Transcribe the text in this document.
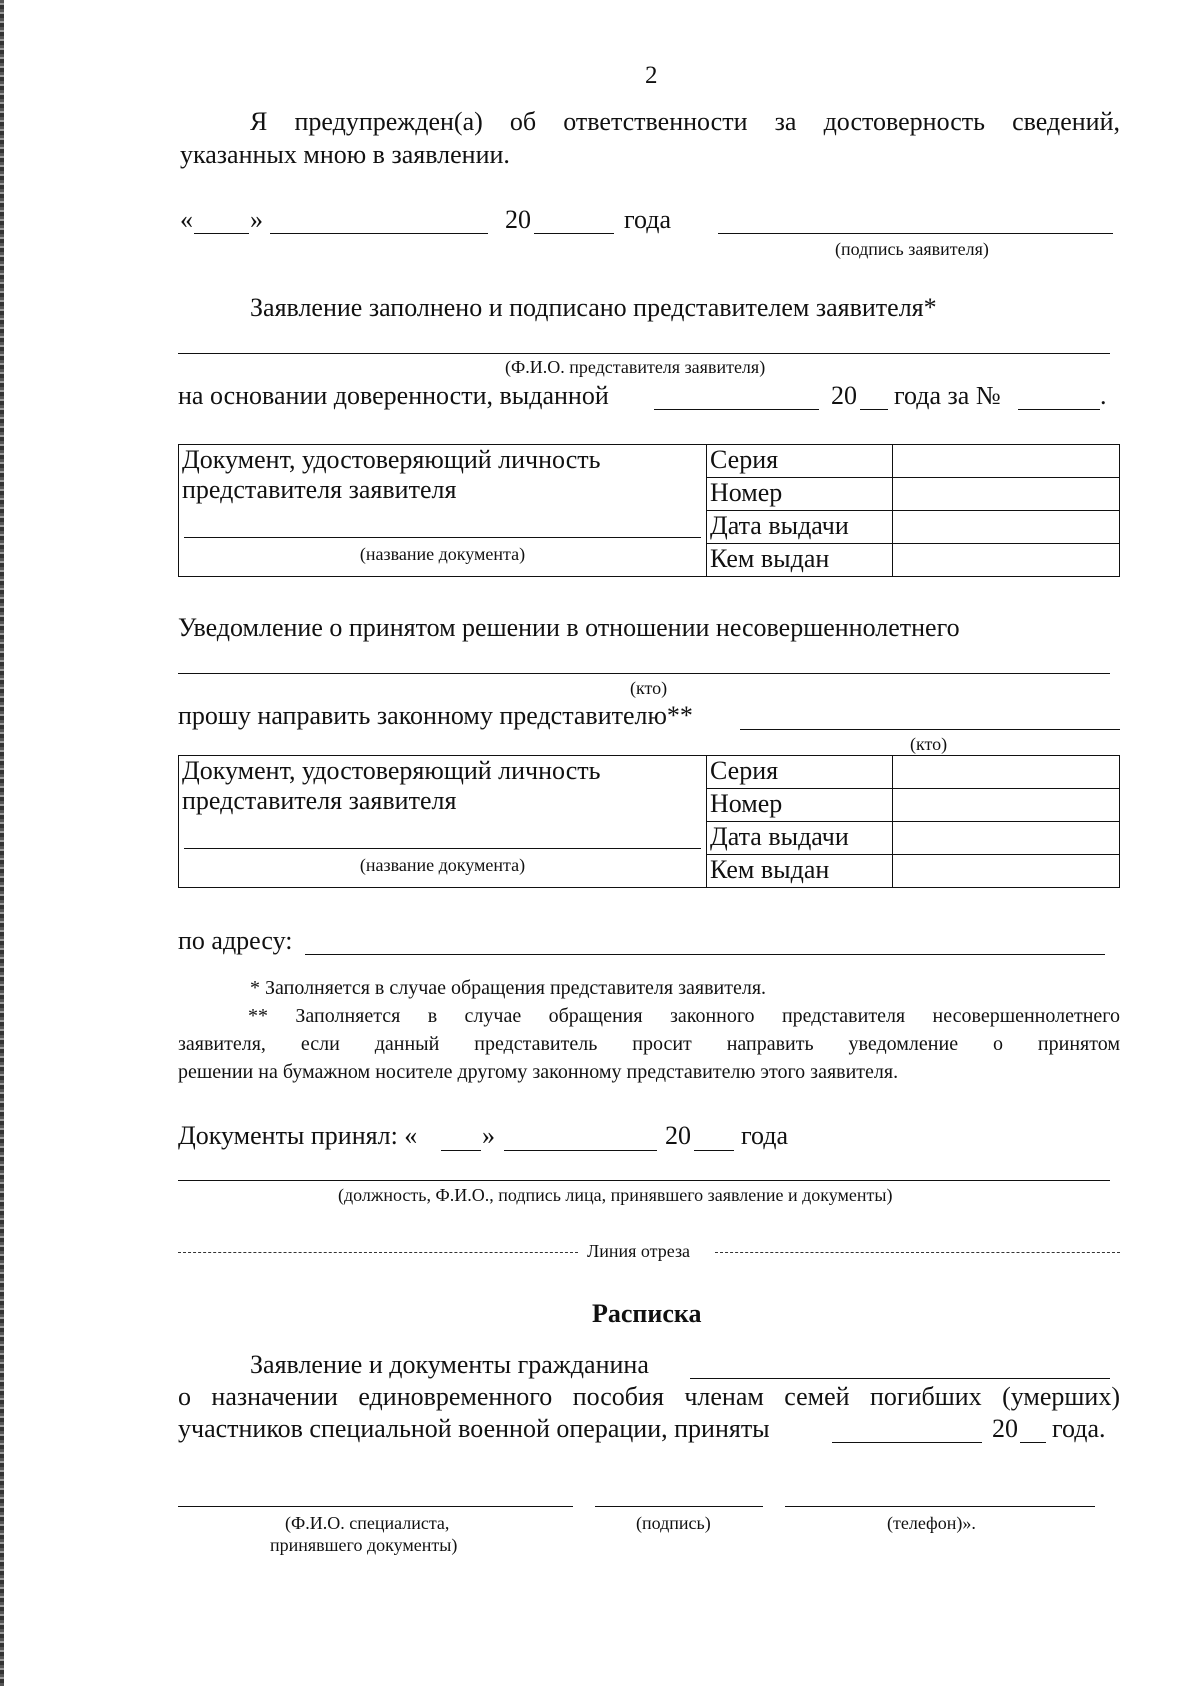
2
Я предупрежден(а) об ответственности за достоверность сведений,
указанных мною в заявлении.
« »	20	года
(подпись заявителя)
Заявление заполнено и подписано представителем заявителя*
(Ф.И.О. представителя заявителя)
на основании доверенности, выданной	20 года за №	.
Документ, удостоверяющий личность
представителя заявителя
(название документа)	Серия	
	Номер	
	Дата выдачи	
	Кем выдан	
Уведомление о принятом решении в отношении несовершеннолетнего
(кто)
прошу направить законному представителю**
(кто)
Документ, удостоверяющий личность
представителя заявителя
(название документа)	Серия	
	Номер	
	Дата выдачи	
	Кем выдан	
по адресу:
* Заполняется в случае обращения представителя заявителя.
** Заполняется в случае обращения законного представителя несовершеннолетнего
заявителя, если данный представитель просит направить уведомление о принятом
решении на бумажном носителе другому законному представителю этого заявителя.
Документы принял: « »	20 года
(должность, Ф.И.О., подпись лица, принявшего заявление и документы)
Линия отреза
Расписка
Заявление и документы гражданина
о назначении единовременного пособия членам семей погибших (умерших)
участников специальной военной операции, приняты	20 года.
(Ф.И.О. специалиста,
принявшего документы)
(подпись)	(телефон)».
